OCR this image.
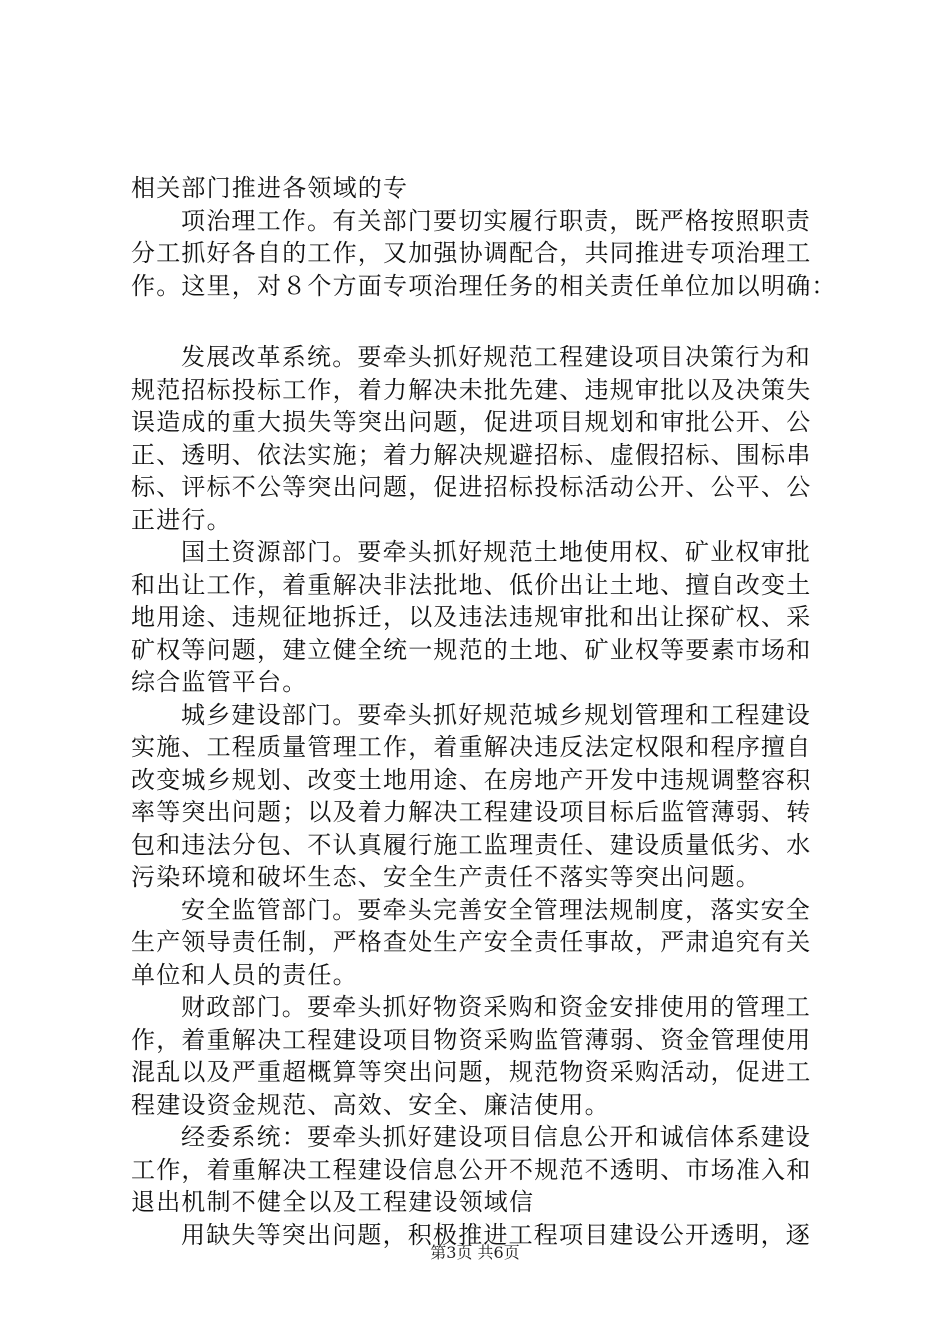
相关部门推进各领域的专
项治理工作。有关部门要切实履行职责，既严格按照职责
分工抓好各自的工作，又加强协调配合，共同推进专项治理工
作。这里，对８个方面专项治理任务的相关责任单位加以明确：
发展改革系统。要牵头抓好规范工程建设项目决策行为和
规范招标投标工作，着力解决未批先建、违规审批以及决策失
误造成的重大损失等突出问题，促进项目规划和审批公开、公
正、透明、依法实施；着力解决规避招标、虚假招标、围标串
标、评标不公等突出问题，促进招标投标活动公开、公平、公
正进行。
国土资源部门。要牵头抓好规范土地使用权、矿业权审批
和出让工作，着重解决非法批地、低价出让土地、擅自改变土
地用途、违规征地拆迁，以及违法违规审批和出让探矿权、采
矿权等问题，建立健全统一规范的土地、矿业权等要素市场和
综合监管平台。
城乡建设部门。要牵头抓好规范城乡规划管理和工程建设
实施、工程质量管理工作，着重解决违反法定权限和程序擅自
改变城乡规划、改变土地用途、在房地产开发中违规调整容积
率等突出问题；以及着力解决工程建设项目标后监管薄弱、转
包和违法分包、不认真履行施工监理责任、建设质量低劣、水
污染环境和破坏生态、安全生产责任不落实等突出问题。
安全监管部门。要牵头完善安全管理法规制度，落实安全
生产领导责任制，严格查处生产安全责任事故，严肃追究有关
单位和人员的责任。
财政部门。要牵头抓好物资采购和资金安排使用的管理工
作，着重解决工程建设项目物资采购监管薄弱、资金管理使用
混乱以及严重超概算等突出问题，规范物资采购活动，促进工
程建设资金规范、高效、安全、廉洁使用。
经委系统：要牵头抓好建设项目信息公开和诚信体系建设
工作，着重解决工程建设信息公开不规范不透明、市场准入和
退出机制不健全以及工程建设领域信
用缺失等突出问题，积极推进工程项目建设公开透明，逐
第3页 共6页
